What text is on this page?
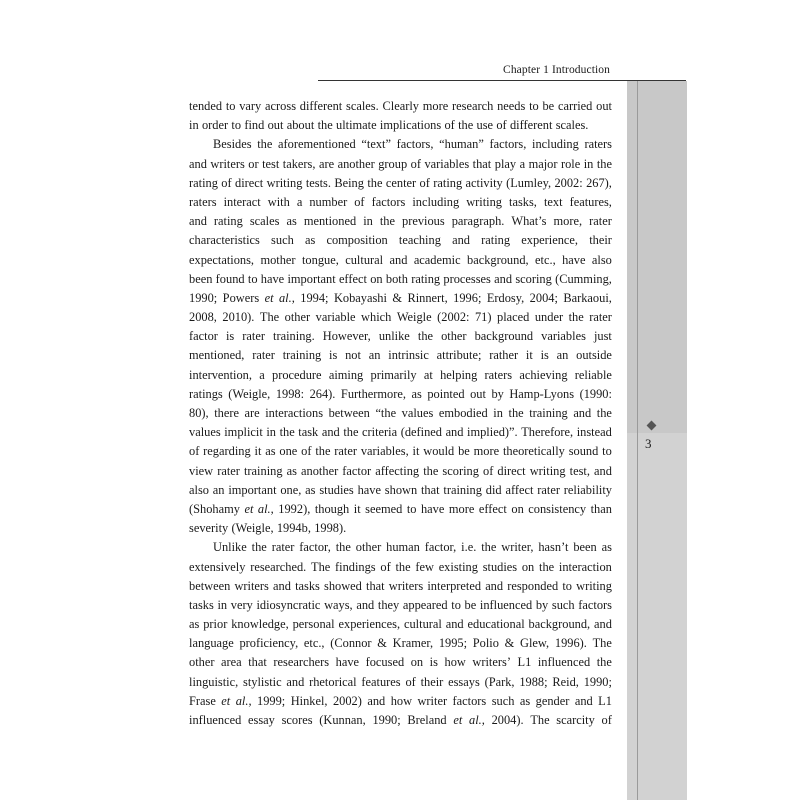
Chapter 1 Introduction
3
tended to vary across different scales. Clearly more research needs to be carried out
in order to find out about the ultimate implications of the use of different scales.
Besides the aforementioned “text” factors, “human” factors, including raters
and writers or test takers, are another group of variables that play a major role in the
rating of direct writing tests. Being the center of rating activity (Lumley, 2002: 267),
raters interact with a number of factors including writing tasks, text features,
and rating scales as mentioned in the previous paragraph. What’s more, rater
characteristics such as composition teaching and rating experience, their
expectations, mother tongue, cultural and academic background, etc., have also
been found to have important effect on both rating processes and scoring (Cumming,
1990; Powers et al., 1994; Kobayashi & Rinnert, 1996; Erdosy, 2004; Barkaoui,
2008, 2010). The other variable which Weigle (2002: 71) placed under the rater
factor is rater training. However, unlike the other background variables just
mentioned, rater training is not an intrinsic attribute; rather it is an outside
intervention, a procedure aiming primarily at helping raters achieving reliable
ratings (Weigle, 1998: 264). Furthermore, as pointed out by Hamp-Lyons (1990:
80), there are interactions between “the values embodied in the training and the
values implicit in the task and the criteria (defined and implied)”. Therefore, instead
of regarding it as one of the rater variables, it would be more theoretically sound to
view rater training as another factor affecting the scoring of direct writing test, and
also an important one, as studies have shown that training did affect rater reliability
(Shohamy et al., 1992), though it seemed to have more effect on consistency than
severity (Weigle, 1994b, 1998).
Unlike the rater factor, the other human factor, i.e. the writer, hasn’t been as
extensively researched. The findings of the few existing studies on the interaction
between writers and tasks showed that writers interpreted and responded to writing
tasks in very idiosyncratic ways, and they appeared to be influenced by such factors
as prior knowledge, personal experiences, cultural and educational background, and
language proficiency, etc., (Connor & Kramer, 1995; Polio & Glew, 1996). The
other area that researchers have focused on is how writers’ L1 influenced the
linguistic, stylistic and rhetorical features of their essays (Park, 1988; Reid, 1990;
Frase et al., 1999; Hinkel, 2002) and how writer factors such as gender and L1
influenced essay scores (Kunnan, 1990; Breland et al., 2004). The scarcity of
